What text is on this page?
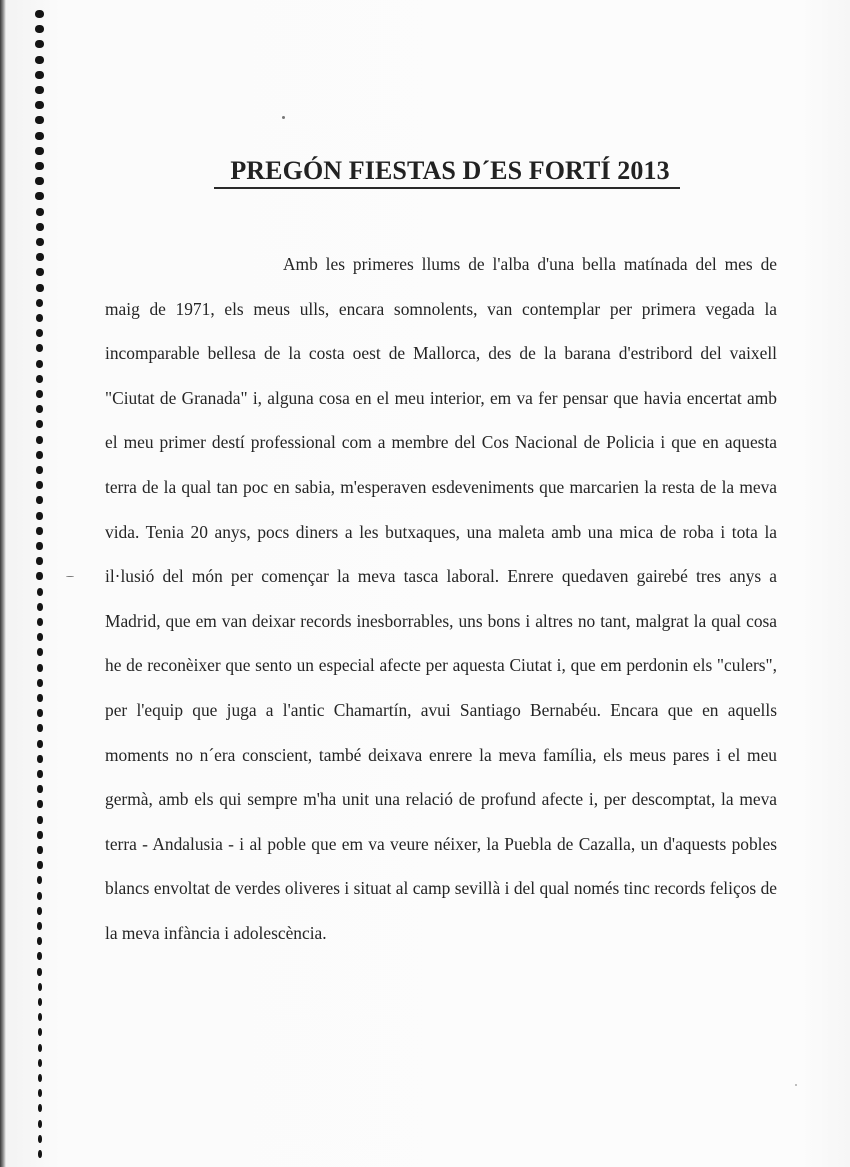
PREGÓN FIESTAS D´ES FORTÍ 2013

Amb les primeres llums de l'alba d'una bella matínada del mes de maig de 1971, els meus ulls, encara somnolents, van contemplar per primera vegada la incomparable bellesa de la costa oest de Mallorca, des de la barana d'estribord del vaixell "Ciutat de Granada" i, alguna cosa en el meu interior, em va fer pensar que havia encertat amb el meu primer destí professional com a membre del Cos Nacional de Policia i que en aquesta terra de la qual tan poc en sabia, m'esperaven esdeveniments que marcarien la resta de la meva vida. Tenia 20 anys, pocs diners a les butxaques, una maleta amb una mica de roba i tota la il·lusió del món per començar la meva tasca laboral. Enrere quedaven gairebé tres anys a Madrid, que em van deixar records inesborrables, uns bons i altres no tant, malgrat la qual cosa he de reconèixer que sento un especial afecte per aquesta Ciutat i, que em perdonin els "culers", per l'equip que juga a l'antic Chamartín, avui Santiago Bernabéu. Encara que en aquells moments no n´era conscient, també deixava enrere la meva família, els meus pares i el meu germà, amb els qui sempre m'ha unit una relació de profund afecte i, per descomptat, la meva terra - Andalusia - i al poble que em va veure néixer, la Puebla de Cazalla, un d'aquests pobles blancs envoltat de verdes oliveres i situat al camp sevillà i del qual només tinc records feliços de la meva infància i adolescència.
